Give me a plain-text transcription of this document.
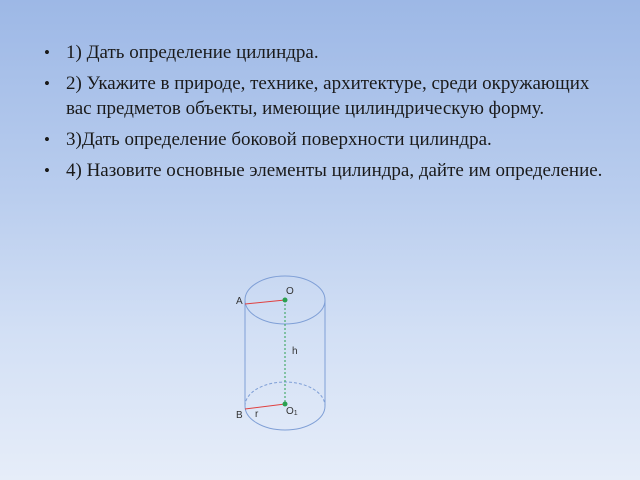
• 1) Дать определение цилиндра.
• 2) Укажите в природе, технике, архитектуре, среди окружающих вас предметов объекты, имеющие цилиндрическую форму.
• 3)Дать определение боковой поверхности цилиндра.
• 4) Назовите основные элементы цилиндра, дайте им определение.
O
A
h
O1
B r
